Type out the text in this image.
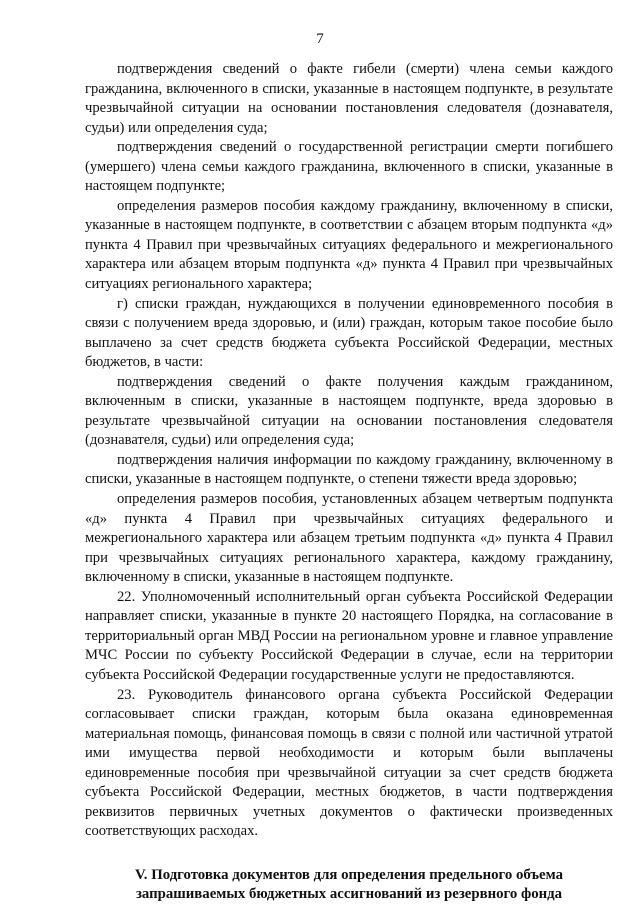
7

подтверждения сведений о факте гибели (смерти) члена семьи каждого гражданина, включенного в списки, указанные в настоящем подпункте, в результате чрезвычайной ситуации на основании постановления следователя (дознавателя, судьи) или определения суда;

подтверждения сведений о государственной регистрации смерти погибшего (умершего) члена семьи каждого гражданина, включенного в списки, указанные в настоящем подпункте;

определения размеров пособия каждому гражданину, включенному в списки, указанные в настоящем подпункте, в соответствии с абзацем вторым подпункта «д» пункта 4 Правил при чрезвычайных ситуациях федерального и межрегионального характера или абзацем вторым подпункта «д» пункта 4 Правил при чрезвычайных ситуациях регионального характера;

г) списки граждан, нуждающихся в получении единовременного пособия в связи с получением вреда здоровью, и (или) граждан, которым такое пособие было выплачено за счет средств бюджета субъекта Российской Федерации, местных бюджетов, в части:

подтверждения сведений о факте получения каждым гражданином, включенным в списки, указанные в настоящем подпункте, вреда здоровью в результате чрезвычайной ситуации на основании постановления следователя (дознавателя, судьи) или определения суда;

подтверждения наличия информации по каждому гражданину, включенному в списки, указанные в настоящем подпункте, о степени тяжести вреда здоровью;

определения размеров пособия, установленных абзацем четвертым подпункта «д» пункта 4 Правил при чрезвычайных ситуациях федерального и межрегионального характера или абзацем третьим подпункта «д» пункта 4 Правил при чрезвычайных ситуациях регионального характера, каждому гражданину, включенному в списки, указанные в настоящем подпункте.

22. Уполномоченный исполнительный орган субъекта Российской Федерации направляет списки, указанные в пункте 20 настоящего Порядка, на согласование в территориальный орган МВД России на региональном уровне и главное управление МЧС России по субъекту Российской Федерации в случае, если на территории субъекта Российской Федерации государственные услуги не предоставляются.

23. Руководитель финансового органа субъекта Российской Федерации согласовывает списки граждан, которым была оказана единовременная материальная помощь, финансовая помощь в связи с полной или частичной утратой ими имущества первой необходимости и которым были выплачены единовременные пособия при чрезвычайной ситуации за счет средств бюджета субъекта Российской Федерации, местных бюджетов, в части подтверждения реквизитов первичных учетных документов о фактически произведенных соответствующих расходах.

V. Подготовка документов для определения предельного объема
запрашиваемых бюджетных ассигнований из резервного фонда
